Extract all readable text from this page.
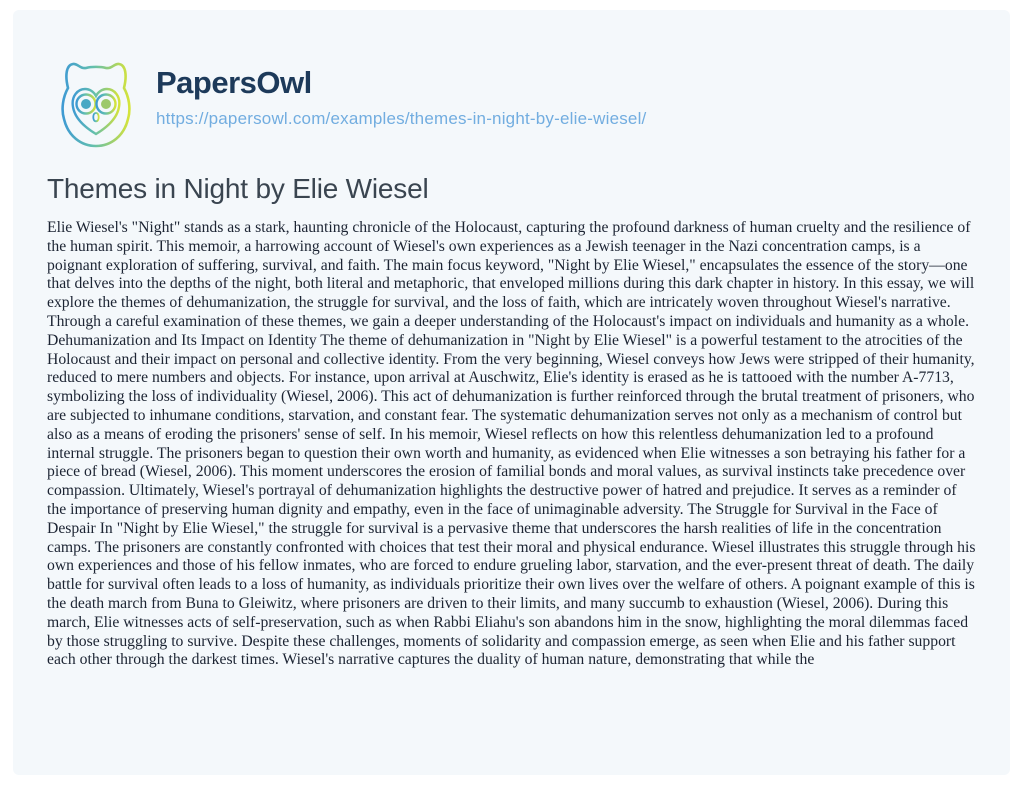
PapersOwl
https://papersowl.com/examples/themes-in-night-by-elie-wiesel/
Themes in Night by Elie Wiesel
Elie Wiesel's "Night" stands as a stark, haunting chronicle of the Holocaust, capturing the profound darkness of human cruelty and the resilience of the human spirit. This memoir, a harrowing account of Wiesel's own experiences as a Jewish teenager in the Nazi concentration camps, is a poignant exploration of suffering, survival, and faith. The main focus keyword, "Night by Elie Wiesel," encapsulates the essence of the story—one that delves into the depths of the night, both literal and metaphoric, that enveloped millions during this dark chapter in history. In this essay, we will explore the themes of dehumanization, the struggle for survival, and the loss of faith, which are intricately woven throughout Wiesel's narrative. Through a careful examination of these themes, we gain a deeper understanding of the Holocaust's impact on individuals and humanity as a whole. Dehumanization and Its Impact on Identity The theme of dehumanization in "Night by Elie Wiesel" is a powerful testament to the atrocities of the Holocaust and their impact on personal and collective identity. From the very beginning, Wiesel conveys how Jews were stripped of their humanity, reduced to mere numbers and objects. For instance, upon arrival at Auschwitz, Elie's identity is erased as he is tattooed with the number A-7713, symbolizing the loss of individuality (Wiesel, 2006). This act of dehumanization is further reinforced through the brutal treatment of prisoners, who are subjected to inhumane conditions, starvation, and constant fear. The systematic dehumanization serves not only as a mechanism of control but also as a means of eroding the prisoners' sense of self. In his memoir, Wiesel reflects on how this relentless dehumanization led to a profound internal struggle. The prisoners began to question their own worth and humanity, as evidenced when Elie witnesses a son betraying his father for a piece of bread (Wiesel, 2006). This moment underscores the erosion of familial bonds and moral values, as survival instincts take precedence over compassion. Ultimately, Wiesel's portrayal of dehumanization highlights the destructive power of hatred and prejudice. It serves as a reminder of the importance of preserving human dignity and empathy, even in the face of unimaginable adversity. The Struggle for Survival in the Face of Despair In "Night by Elie Wiesel," the struggle for survival is a pervasive theme that underscores the harsh realities of life in the concentration camps. The prisoners are constantly confronted with choices that test their moral and physical endurance. Wiesel illustrates this struggle through his own experiences and those of his fellow inmates, who are forced to endure grueling labor, starvation, and the ever-present threat of death. The daily battle for survival often leads to a loss of humanity, as individuals prioritize their own lives over the welfare of others. A poignant example of this is the death march from Buna to Gleiwitz, where prisoners are driven to their limits, and many succumb to exhaustion (Wiesel, 2006). During this march, Elie witnesses acts of self-preservation, such as when Rabbi Eliahu's son abandons him in the snow, highlighting the moral dilemmas faced by those struggling to survive. Despite these challenges, moments of solidarity and compassion emerge, as seen when Elie and his father support each other through the darkest times. Wiesel's narrative captures the duality of human nature, demonstrating that while the
